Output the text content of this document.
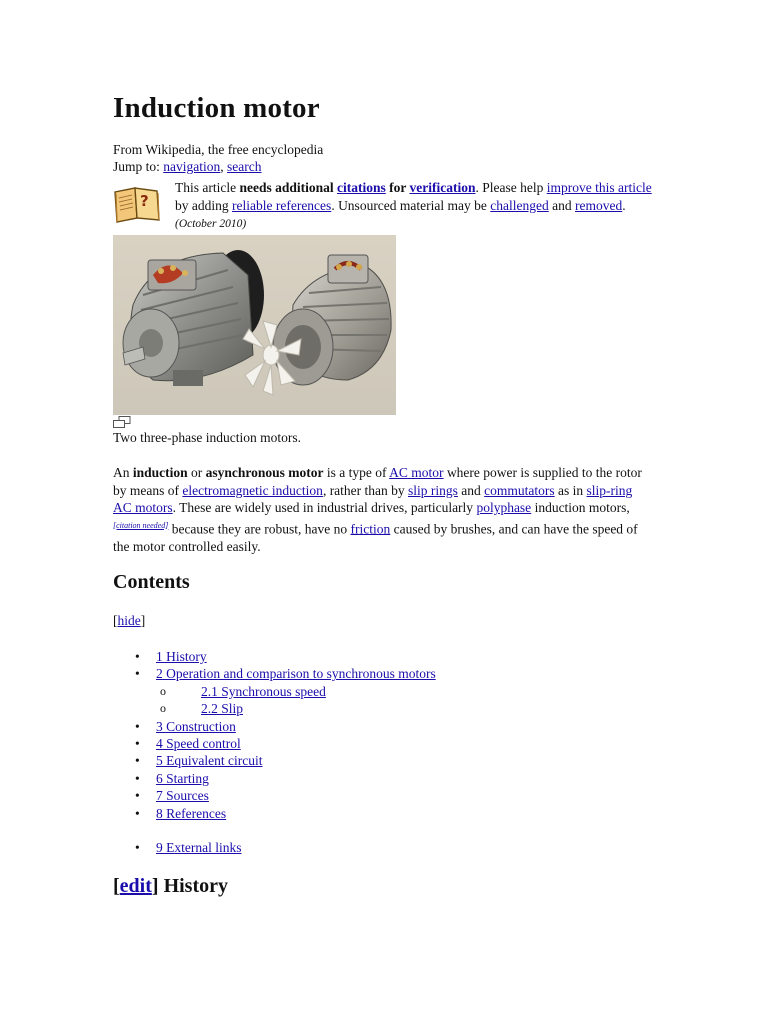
Induction motor
From Wikipedia, the free encyclopedia
Jump to: navigation, search
?
This article needs additional citations for verification. Please help improve this article by adding reliable references. Unsourced material may be challenged and removed. (October 2010)
Two three-phase induction motors.
An induction or asynchronous motor is a type of AC motor where power is supplied to the rotor by means of electromagnetic induction, rather than by slip rings and commutators as in slip-ring AC motors. These are widely used in industrial drives, particularly polyphase induction motors,[citation needed] because they are robust, have no friction caused by brushes, and can have the speed of the motor controlled easily.
Contents
[hide]
• 1 History
• 2 Operation and comparison to synchronous motors
o	2.1 Synchronous speed
o	2.2 Slip
• 3 Construction
• 4 Speed control
• 5 Equivalent circuit
• 6 Starting
• 7 Sources
• 8 References
• 9 External links
[edit] History
